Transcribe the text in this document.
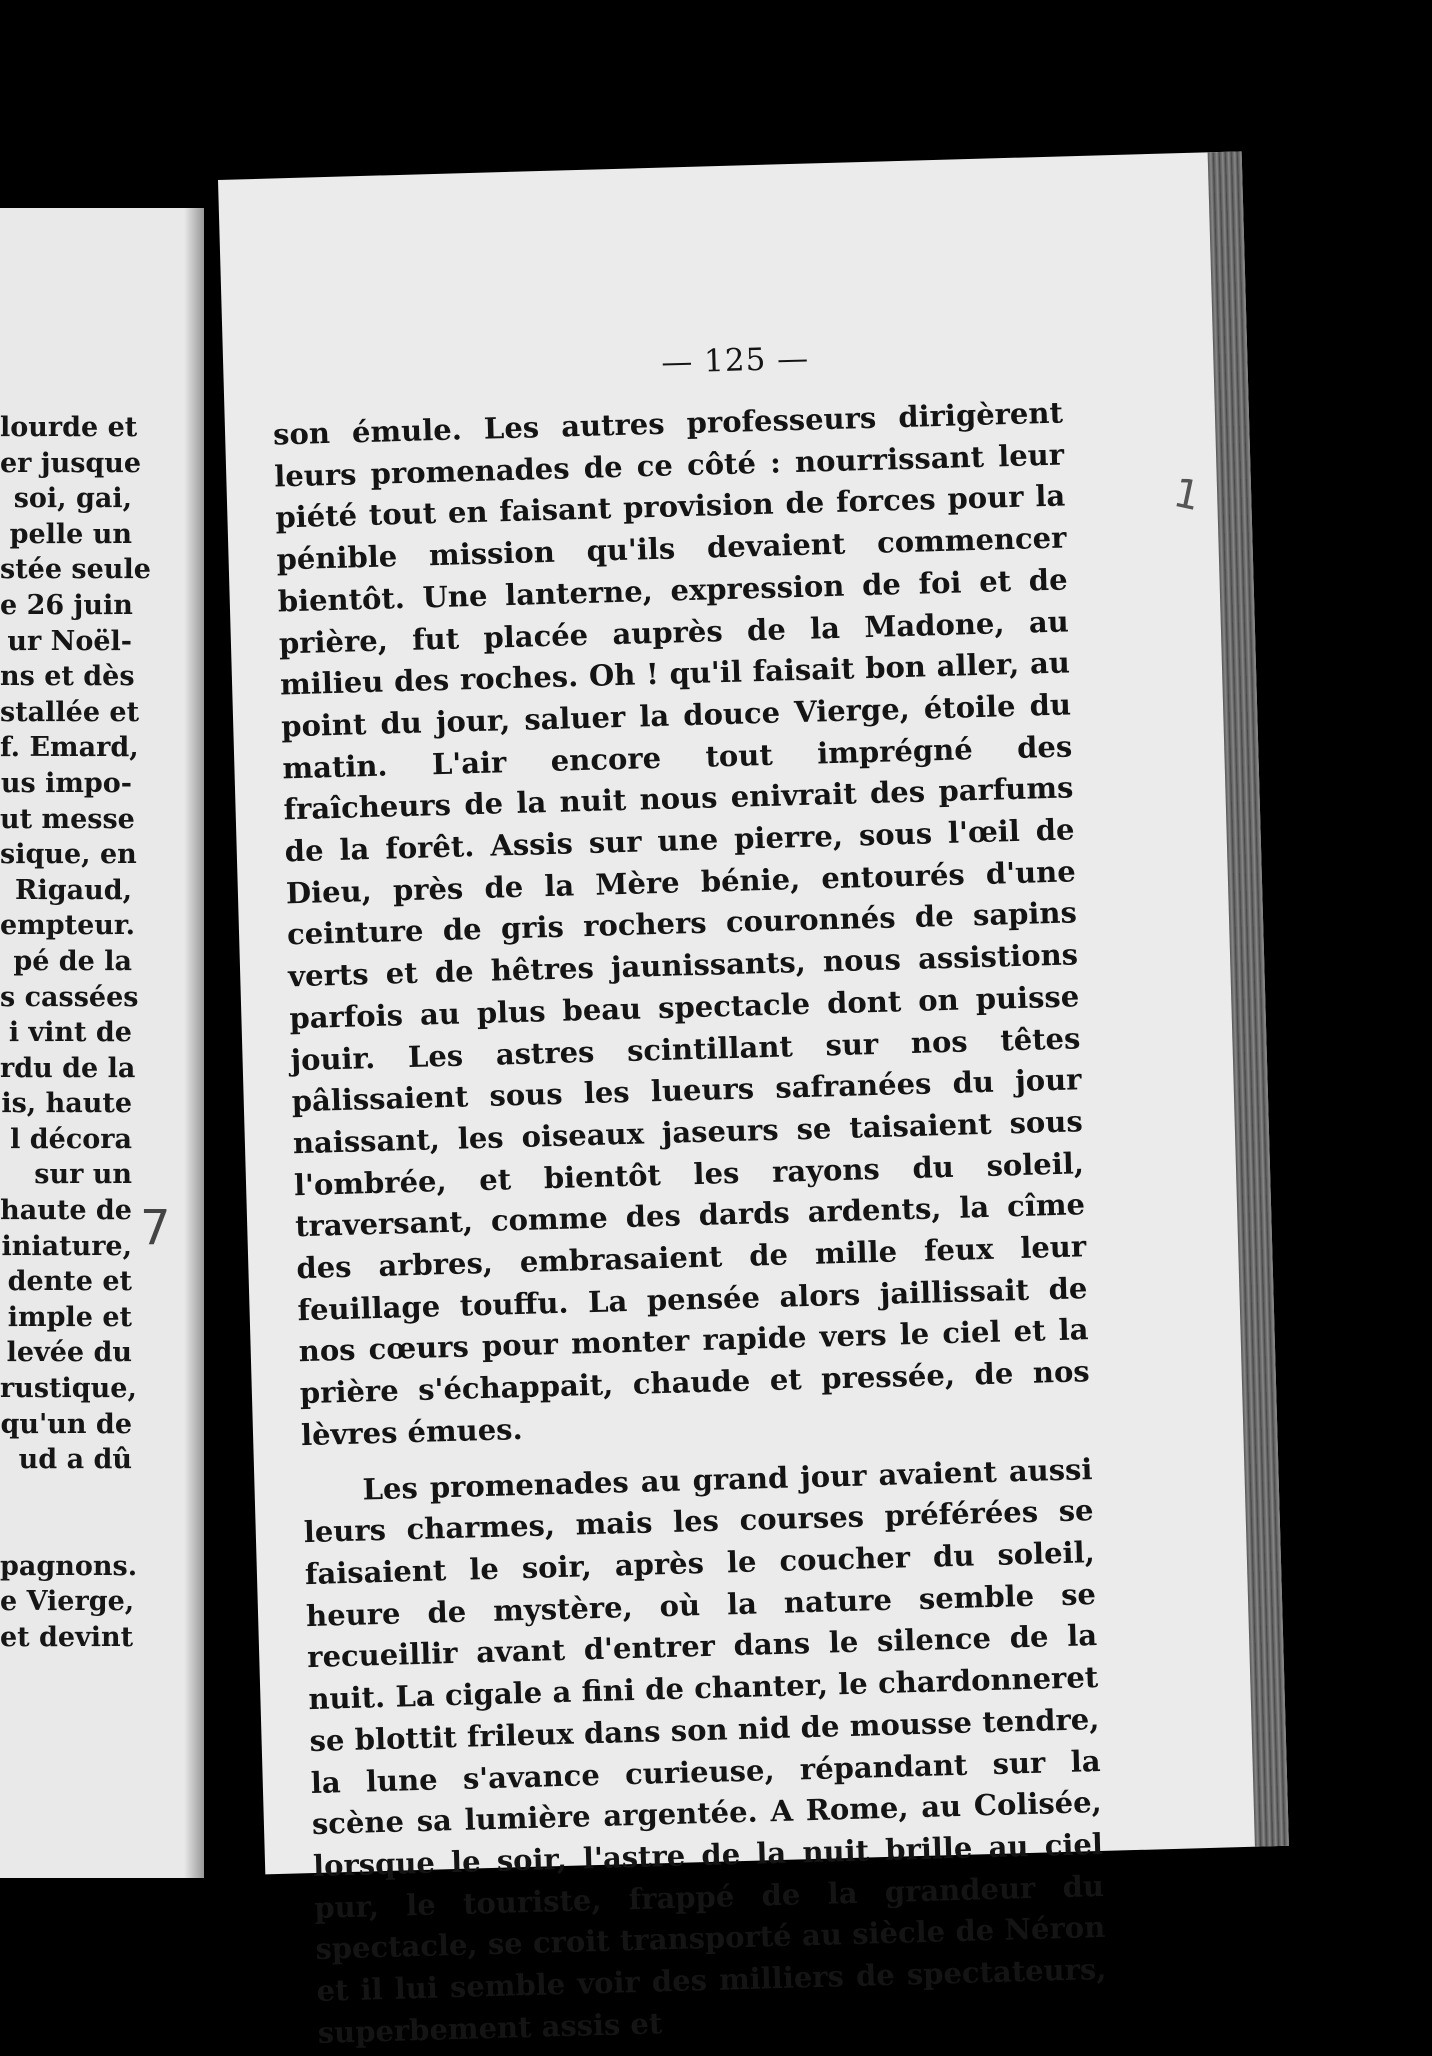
lourde et
er jusque
soi, gai,
pelle un
stée seule
e 26 juin
ur Noël-
ns et dès
stallée et
f. Emard,
us impo-
ut messe
sique, en
Rigaud,
empteur.
pé de la
s cassées
i vint de
rdu de la
is, haute
l décora
sur un
haute de
iniature,
dente et
imple et
levée du
rustique,
qu'un de
ud a dû
pagnons.
e Vierge,
et devint
— 125 —

son émule. Les autres professeurs dirigèrent leurs promenades de ce côté : nourrissant leur piété tout en faisant provision de forces pour la pénible mission qu'ils devaient commencer bientôt. Une lanterne, expression de foi et de prière, fut placée auprès de la Madone, au milieu des roches. Oh ! qu'il faisait bon aller, au point du jour, saluer la douce Vierge, étoile du matin. L'air encore tout imprégné des fraîcheurs de la nuit nous enivrait des parfums de la forêt. Assis sur une pierre, sous l'œil de Dieu, près de la Mère bénie, entourés d'une ceinture de gris rochers couronnés de sapins verts et de hêtres jaunissants, nous assistions parfois au plus beau spectacle dont on puisse jouir. Les astres scintillant sur nos têtes pâlissaient sous les lueurs safranées du jour naissant, les oiseaux jaseurs se taisaient sous l'ombrée, et bientôt les rayons du soleil, traversant, comme des dards ardents, la cîme des arbres, embrasaient de mille feux leur feuillage touffu. La pensée alors jaillissait de nos cœurs pour monter rapide vers le ciel et la prière s'échappait, chaude et pressée, de nos lèvres émues.

Les promenades au grand jour avaient aussi leurs charmes, mais les courses préférées se faisaient le soir, après le coucher du soleil, heure de mystère, où la nature semble se recueillir avant d'entrer dans le silence de la nuit. La cigale a fini de chanter, le chardonneret se blottit frileux dans son nid de mousse tendre, la lune s'avance curieuse, répandant sur la scène sa lumière argentée. A Rome, au Colisée, lorsque le soir, l'astre de la nuit brille au ciel pur, le touriste, frappé de la grandeur du spectacle, se croit transporté au siècle de Néron et il lui semble voir des milliers de spectateurs, superbement assis et

1
7
